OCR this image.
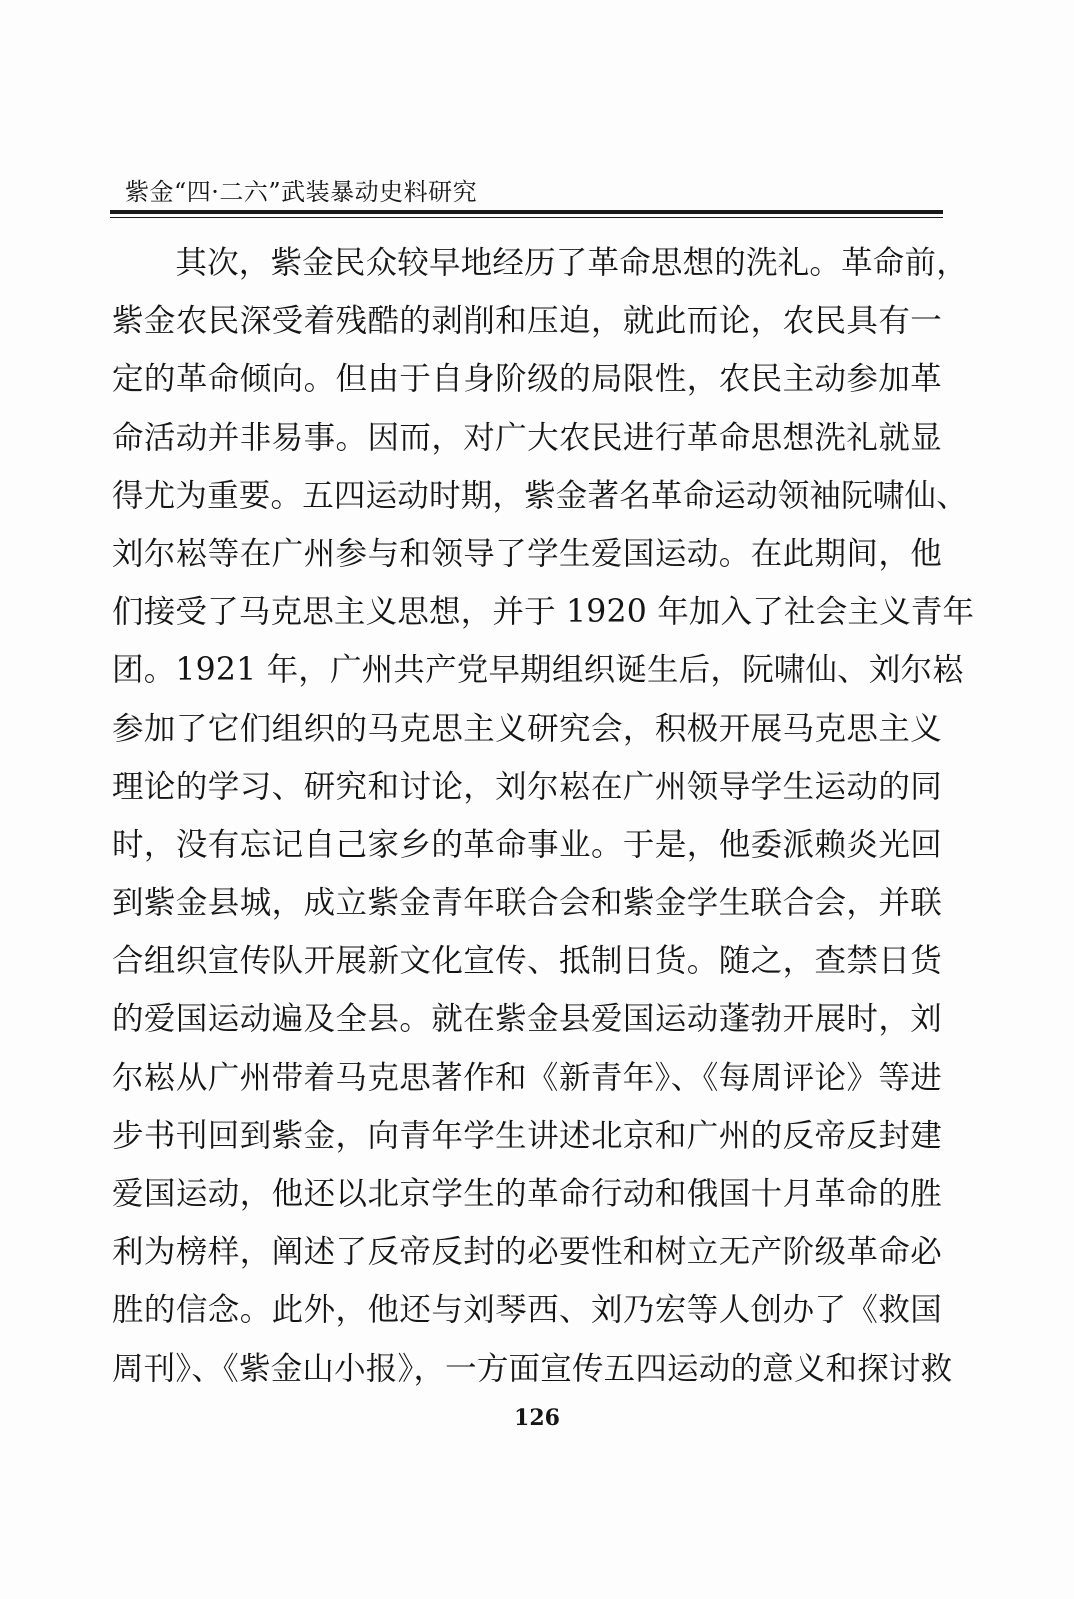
紫金“四·二六”武装暴动史料研究
　　其次，紫金民众较早地经历了革命思想的洗礼。革命前，
紫金农民深受着残酷的剥削和压迫，就此而论，农民具有一
定的革命倾向。但由于自身阶级的局限性，农民主动参加革
命活动并非易事。因而，对广大农民进行革命思想洗礼就显
得尤为重要。五四运动时期，紫金著名革命运动领袖阮啸仙、
刘尔崧等在广州参与和领导了学生爱国运动。在此期间，他
们接受了马克思主义思想，并于 1920 年加入了社会主义青年
团。1921 年，广州共产党早期组织诞生后，阮啸仙、刘尔崧
参加了它们组织的马克思主义研究会，积极开展马克思主义
理论的学习、研究和讨论，刘尔崧在广州领导学生运动的同
时，没有忘记自己家乡的革命事业。于是，他委派赖炎光回
到紫金县城，成立紫金青年联合会和紫金学生联合会，并联
合组织宣传队开展新文化宣传、抵制日货。随之，查禁日货
的爱国运动遍及全县。就在紫金县爱国运动蓬勃开展时，刘
尔崧从广州带着马克思著作和《新青年》、《每周评论》等进
步书刊回到紫金，向青年学生讲述北京和广州的反帝反封建
爱国运动，他还以北京学生的革命行动和俄国十月革命的胜
利为榜样，阐述了反帝反封的必要性和树立无产阶级革命必
胜的信念。此外，他还与刘琴西、刘乃宏等人创办了《救国
周刊》、《紫金山小报》，一方面宣传五四运动的意义和探讨救
126
